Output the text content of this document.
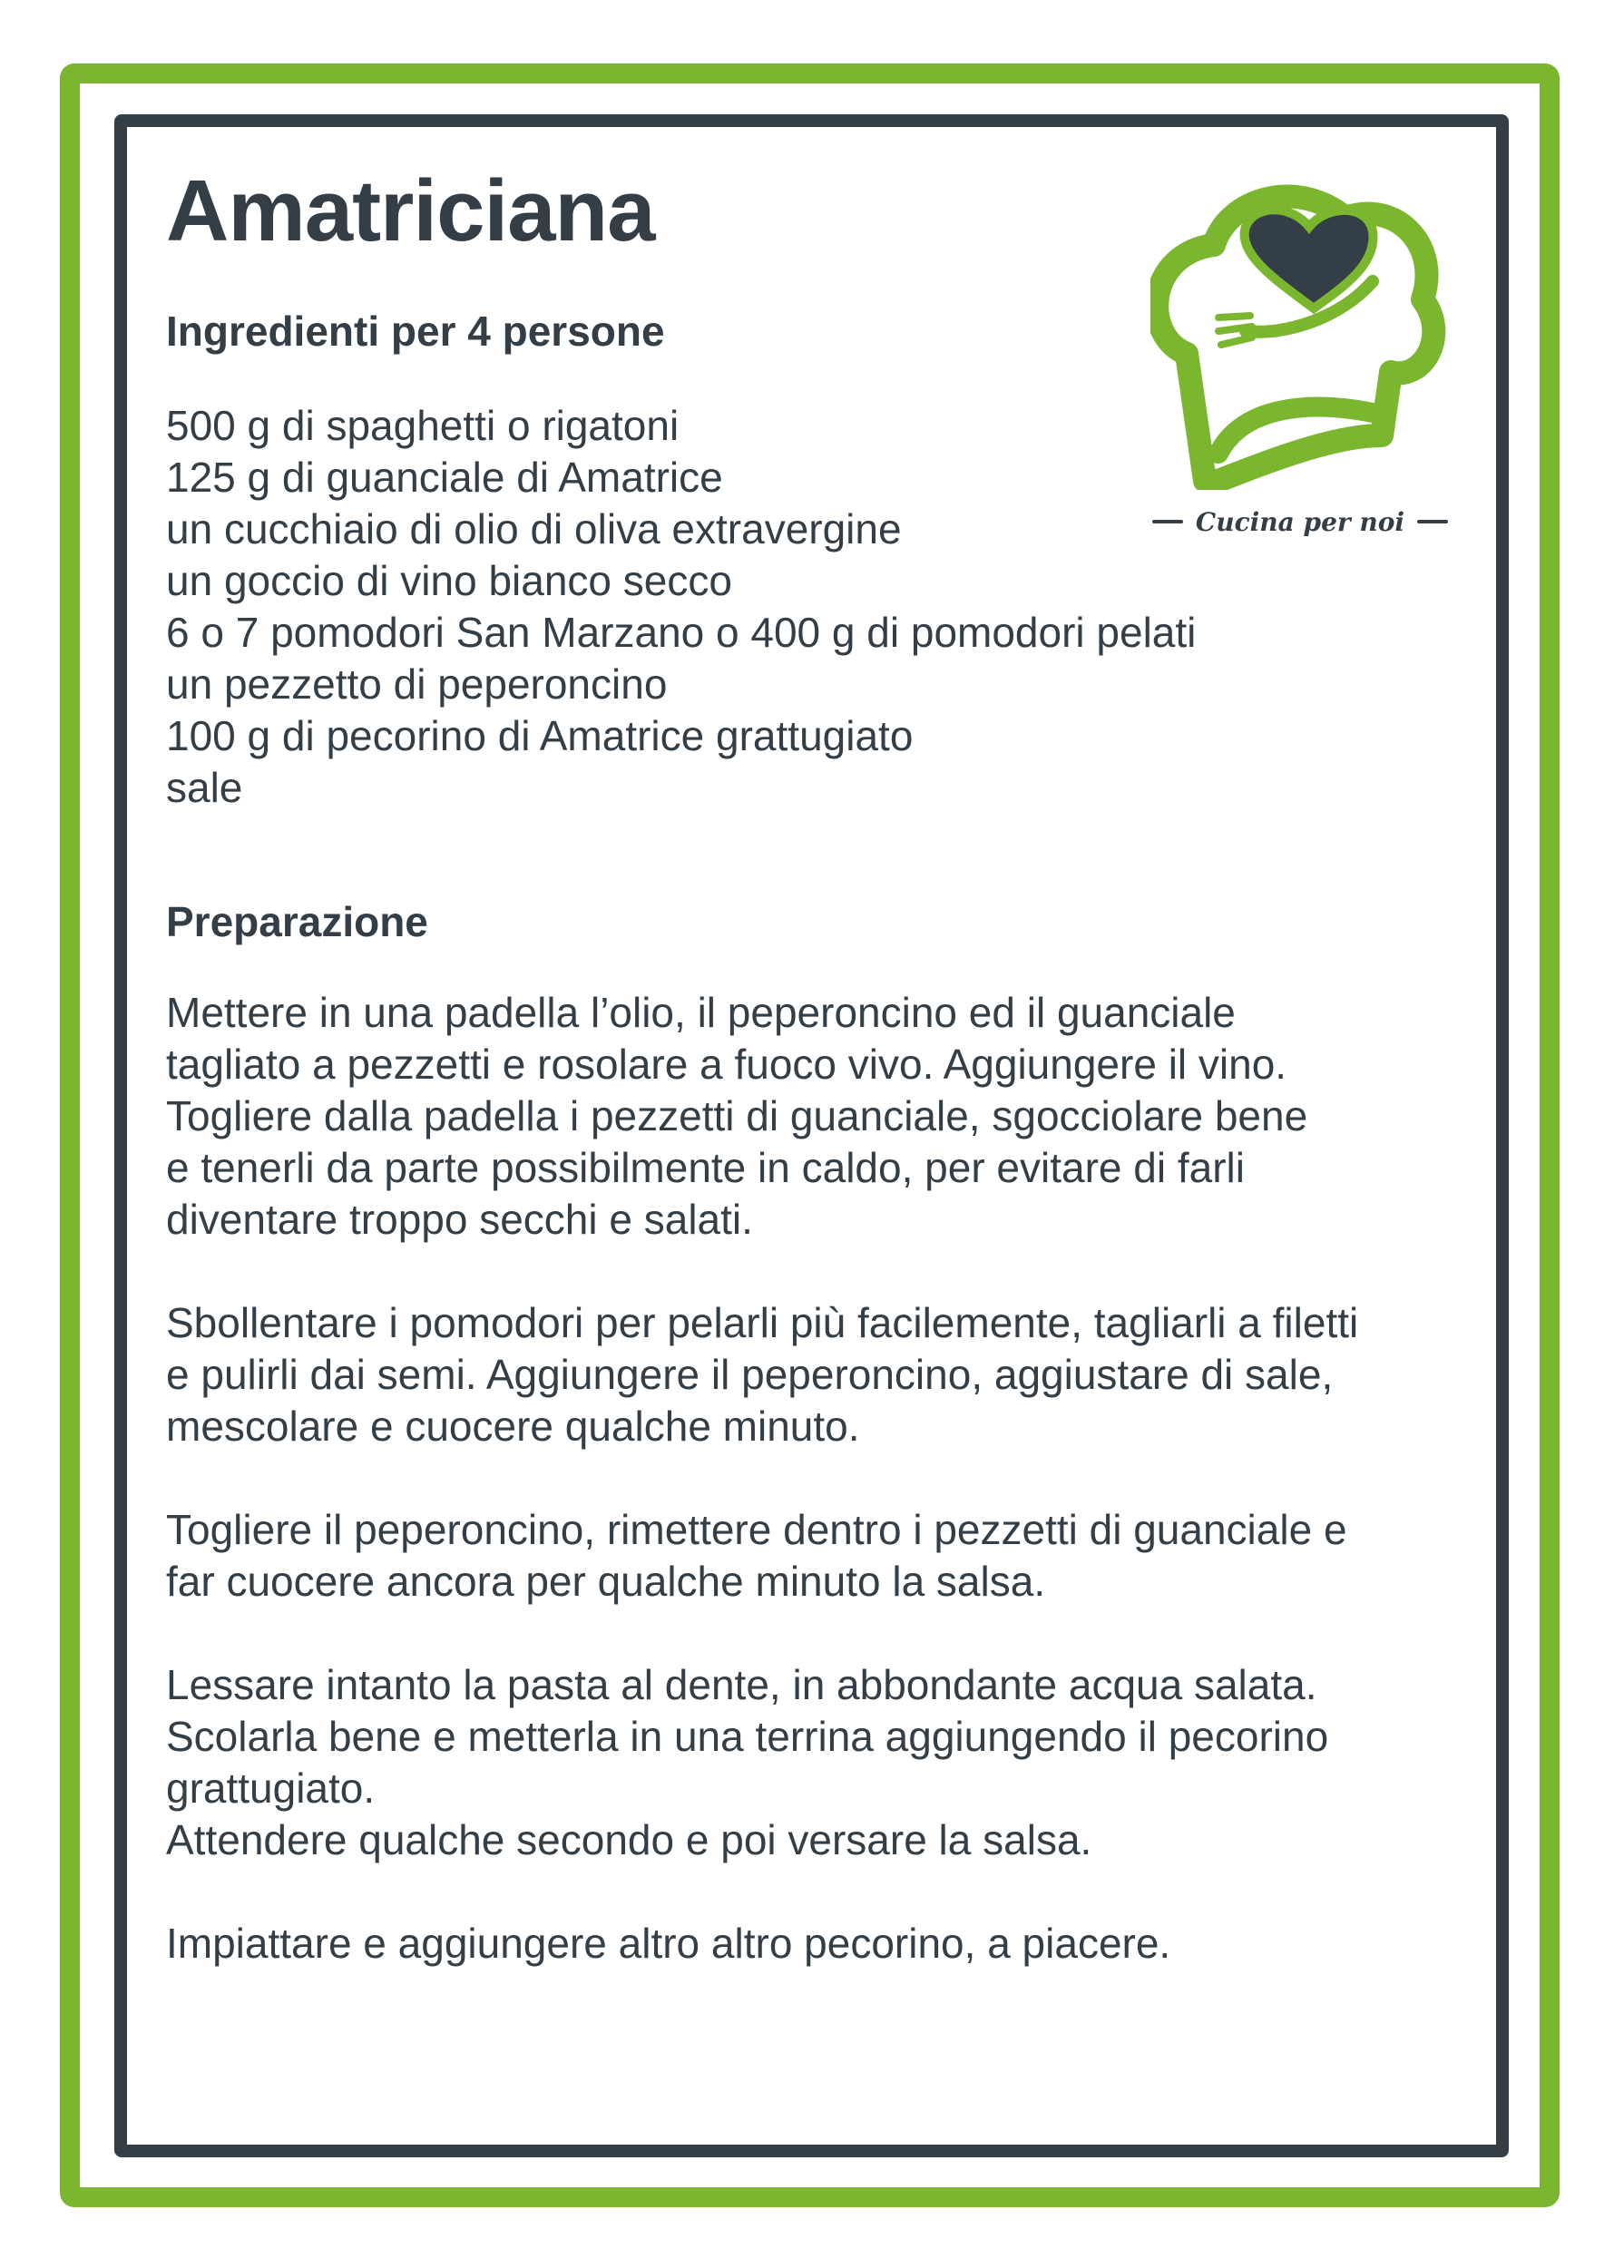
Cucina per noi
Amatriciana
Ingredienti per 4 persone
500 g di spaghetti o rigatoni
125 g di guanciale di Amatrice
un cucchiaio di olio di oliva extravergine
un goccio di vino bianco secco
6 o 7 pomodori San Marzano o 400 g di pomodori pelati
un pezzetto di peperoncino
100 g di pecorino di Amatrice grattugiato
sale
Preparazione

Mettere in una padella l’olio, il peperoncino ed il guanciale
tagliato a pezzetti e rosolare a fuoco vivo. Aggiungere il vino.
Togliere dalla padella i pezzetti di guanciale, sgocciolare bene
e tenerli da parte possibilmente in caldo, per evitare di farli
diventare troppo secchi e salati.

Sbollentare i pomodori per pelarli più facilemente, tagliarli a filetti
e pulirli dai semi. Aggiungere il peperoncino, aggiustare di sale,
mescolare e cuocere qualche minuto.

Togliere il peperoncino, rimettere dentro i pezzetti di guanciale e
far cuocere ancora per qualche minuto la salsa.

Lessare intanto la pasta al dente, in abbondante acqua salata.
Scolarla bene e metterla in una terrina aggiungendo il pecorino
grattugiato.
Attendere qualche secondo e poi versare la salsa.

Impiattare e aggiungere altro altro pecorino, a piacere.
